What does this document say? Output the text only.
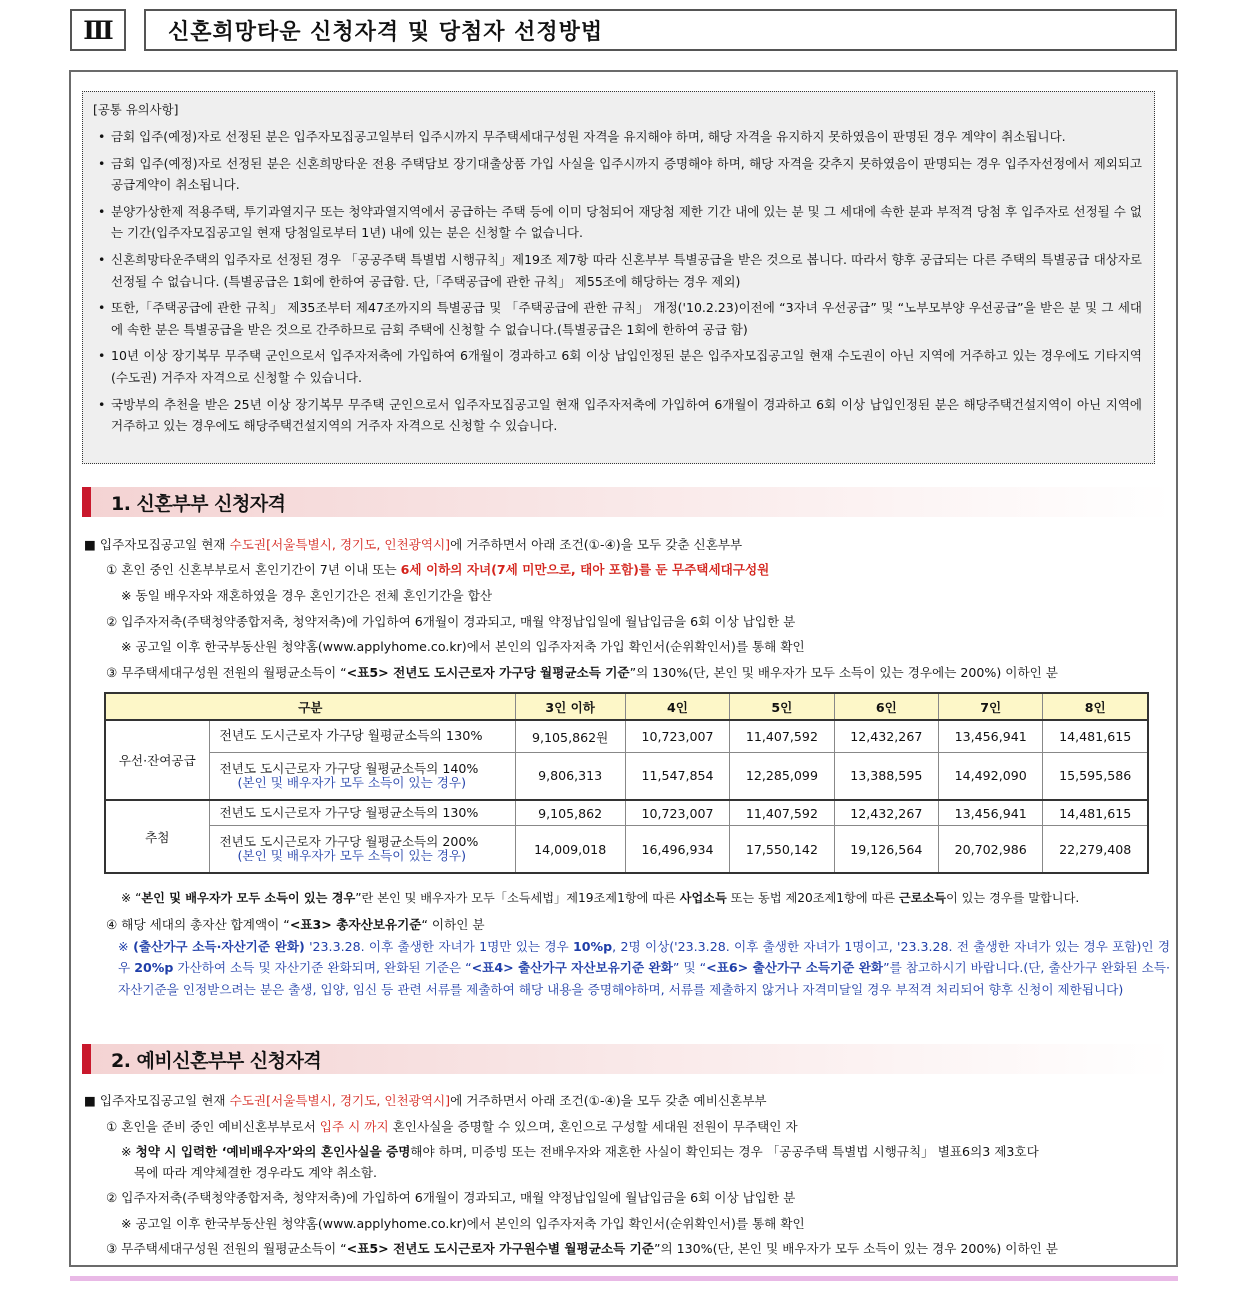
Ⅲ	신혼희망타운 신청자격 및 당첨자 선정방법
[공통 유의사항]
• 금회 입주(예정)자로 선정된 분은 입주자모집공고일부터 입주시까지 무주택세대구성원 자격을 유지해야 하며, 해당 자격을 유지하지 못하였음이 판명된 경우 계약이 취소됩니다.
• 금회 입주(예정)자로 선정된 분은 신혼희망타운 전용 주택담보 장기대출상품 가입 사실을 입주시까지 증명해야 하며, 해당 자격을 갖추지 못하였음이 판명되는 경우 입주자선정에서 제외되고 공급계약이 취소됩니다.
• 분양가상한제 적용주택, 투기과열지구 또는 청약과열지역에서 공급하는 주택 등에 이미 당첨되어 재당첨 제한 기간 내에 있는 분 및 그 세대에 속한 분과 부적격 당첨 후 입주자로 선정될 수 없는 기간(입주자모집공고일 현재 당첨일로부터 1년) 내에 있는 분은 신청할 수 없습니다.
• 신혼희망타운주택의 입주자로 선정된 경우 「공공주택 특별법 시행규칙」제19조 제7항 따라 신혼부부 특별공급을 받은 것으로 봅니다. 따라서 향후 공급되는 다른 주택의 특별공급 대상자로 선정될 수 없습니다. (특별공급은 1회에 한하여 공급함. 단,「주택공급에 관한 규칙」 제55조에 해당하는 경우 제외)
• 또한,「주택공급에 관한 규칙」 제35조부터 제47조까지의 특별공급 및 「주택공급에 관한 규칙」 개정('10.2.23)이전에 “3자녀 우선공급” 및 “노부모부양 우선공급”을 받은 분 및 그 세대에 속한 분은 특별공급을 받은 것으로 간주하므로 금회 주택에 신청할 수 없습니다.(특별공급은 1회에 한하여 공급 함)
• 10년 이상 장기복무 무주택 군인으로서 입주자저축에 가입하여 6개월이 경과하고 6회 이상 납입인정된 분은 입주자모집공고일 현재 수도권이 아닌 지역에 거주하고 있는 경우에도 기타지역(수도권) 거주자 자격으로 신청할 수 있습니다.
• 국방부의 추천을 받은 25년 이상 장기복무 무주택 군인으로서 입주자모집공고일 현재 입주자저축에 가입하여 6개월이 경과하고 6회 이상 납입인정된 분은 해당주택건설지역이 아닌 지역에 거주하고 있는 경우에도 해당주택건설지역의 거주자 자격으로 신청할 수 있습니다.
1. 신혼부부 신청자격
■ 입주자모집공고일 현재 수도권[서울특별시, 경기도, 인천광역시]에 거주하면서 아래 조건(①-④)을 모두 갖춘 신혼부부
① 혼인 중인 신혼부부로서 혼인기간이 7년 이내 또는 6세 이하의 자녀(7세 미만으로, 태아 포함)를 둔 무주택세대구성원
※ 동일 배우자와 재혼하였을 경우 혼인기간은 전체 혼인기간을 합산
② 입주자저축(주택청약종합저축, 청약저축)에 가입하여 6개월이 경과되고, 매월 약정납입일에 월납입금을 6회 이상 납입한 분
※ 공고일 이후 한국부동산원 청약홈(www.applyhome.co.kr)에서 본인의 입주자저축 가입 확인서(순위확인서)를 통해 확인
③ 무주택세대구성원 전원의 월평균소득이 “<표5> 전년도 도시근로자 가구당 월평균소득 기준”의 130%(단, 본인 및 배우자가 모두 소득이 있는 경우에는 200%) 이하인 분
구분		3인 이하	4인	5인	6인	7인	8인
우선·잔여공급	전년도 도시근로자 가구당 월평균소득의 130%	9,105,862원	10,723,007	11,407,592	12,432,267	13,456,941	14,481,615
	전년도 도시근로자 가구당 월평균소득의 140%
(본인 및 배우자가 모두 소득이 있는 경우)	9,806,313	11,547,854	12,285,099	13,388,595	14,492,090	15,595,586
추첨	전년도 도시근로자 가구당 월평균소득의 130%	9,105,862	10,723,007	11,407,592	12,432,267	13,456,941	14,481,615
	전년도 도시근로자 가구당 월평균소득의 200%
(본인 및 배우자가 모두 소득이 있는 경우)	14,009,018	16,496,934	17,550,142	19,126,564	20,702,986	22,279,408
※ “본인 및 배우자가 모두 소득이 있는 경우”란 본인 및 배우자가 모두「소득세법」제19조제1항에 따른 사업소득 또는 동법 제20조제1항에 따른 근로소득이 있는 경우를 말합니다.
④ 해당 세대의 총자산 합계액이 “<표3> 총자산보유기준“ 이하인 분
※ (출산가구 소득·자산기준 완화) '23.3.28. 이후 출생한 자녀가 1명만 있는 경우 10%p, 2명 이상('23.3.28. 이후 출생한 자녀가 1명이고, '23.3.28. 전 출생한 자녀가 있는 경우 포함)인 경우 20%p 가산하여 소득 및 자산기준 완화되며, 완화된 기준은 “<표4> 출산가구 자산보유기준 완화” 및 “<표6> 출산가구 소득기준 완화”를 참고하시기 바랍니다.(단, 출산가구 완화된 소득·자산기준을 인정받으려는 분은 출생, 입양, 임신 등 관련 서류를 제출하여 해당 내용을 증명해야하며, 서류를 제출하지 않거나 자격미달일 경우 부적격 처리되어 향후 신청이 제한됩니다)
2. 예비신혼부부 신청자격
■ 입주자모집공고일 현재 수도권[서울특별시, 경기도, 인천광역시]에 거주하면서 아래 조건(①-④)을 모두 갖춘 예비신혼부부
① 혼인을 준비 중인 예비신혼부부로서 입주 시 까지 혼인사실을 증명할 수 있으며, 혼인으로 구성할 세대원 전원이 무주택인 자
※ 청약 시 입력한 ‘예비배우자’와의 혼인사실을 증명해야 하며, 미증빙 또는 전배우자와 재혼한 사실이 확인되는 경우 「공공주택 특별법 시행규칙」 별표6의3 제3호다
목에 따라 계약체결한 경우라도 계약 취소함.
② 입주자저축(주택청약종합저축, 청약저축)에 가입하여 6개월이 경과되고, 매월 약정납입일에 월납입금을 6회 이상 납입한 분
※ 공고일 이후 한국부동산원 청약홈(www.applyhome.co.kr)에서 본인의 입주자저축 가입 확인서(순위확인서)를 통해 확인
③ 무주택세대구성원 전원의 월평균소득이 “<표5> 전년도 도시근로자 가구원수별 월평균소득 기준”의 130%(단, 본인 및 배우자가 모두 소득이 있는 경우 200%) 이하인 분
